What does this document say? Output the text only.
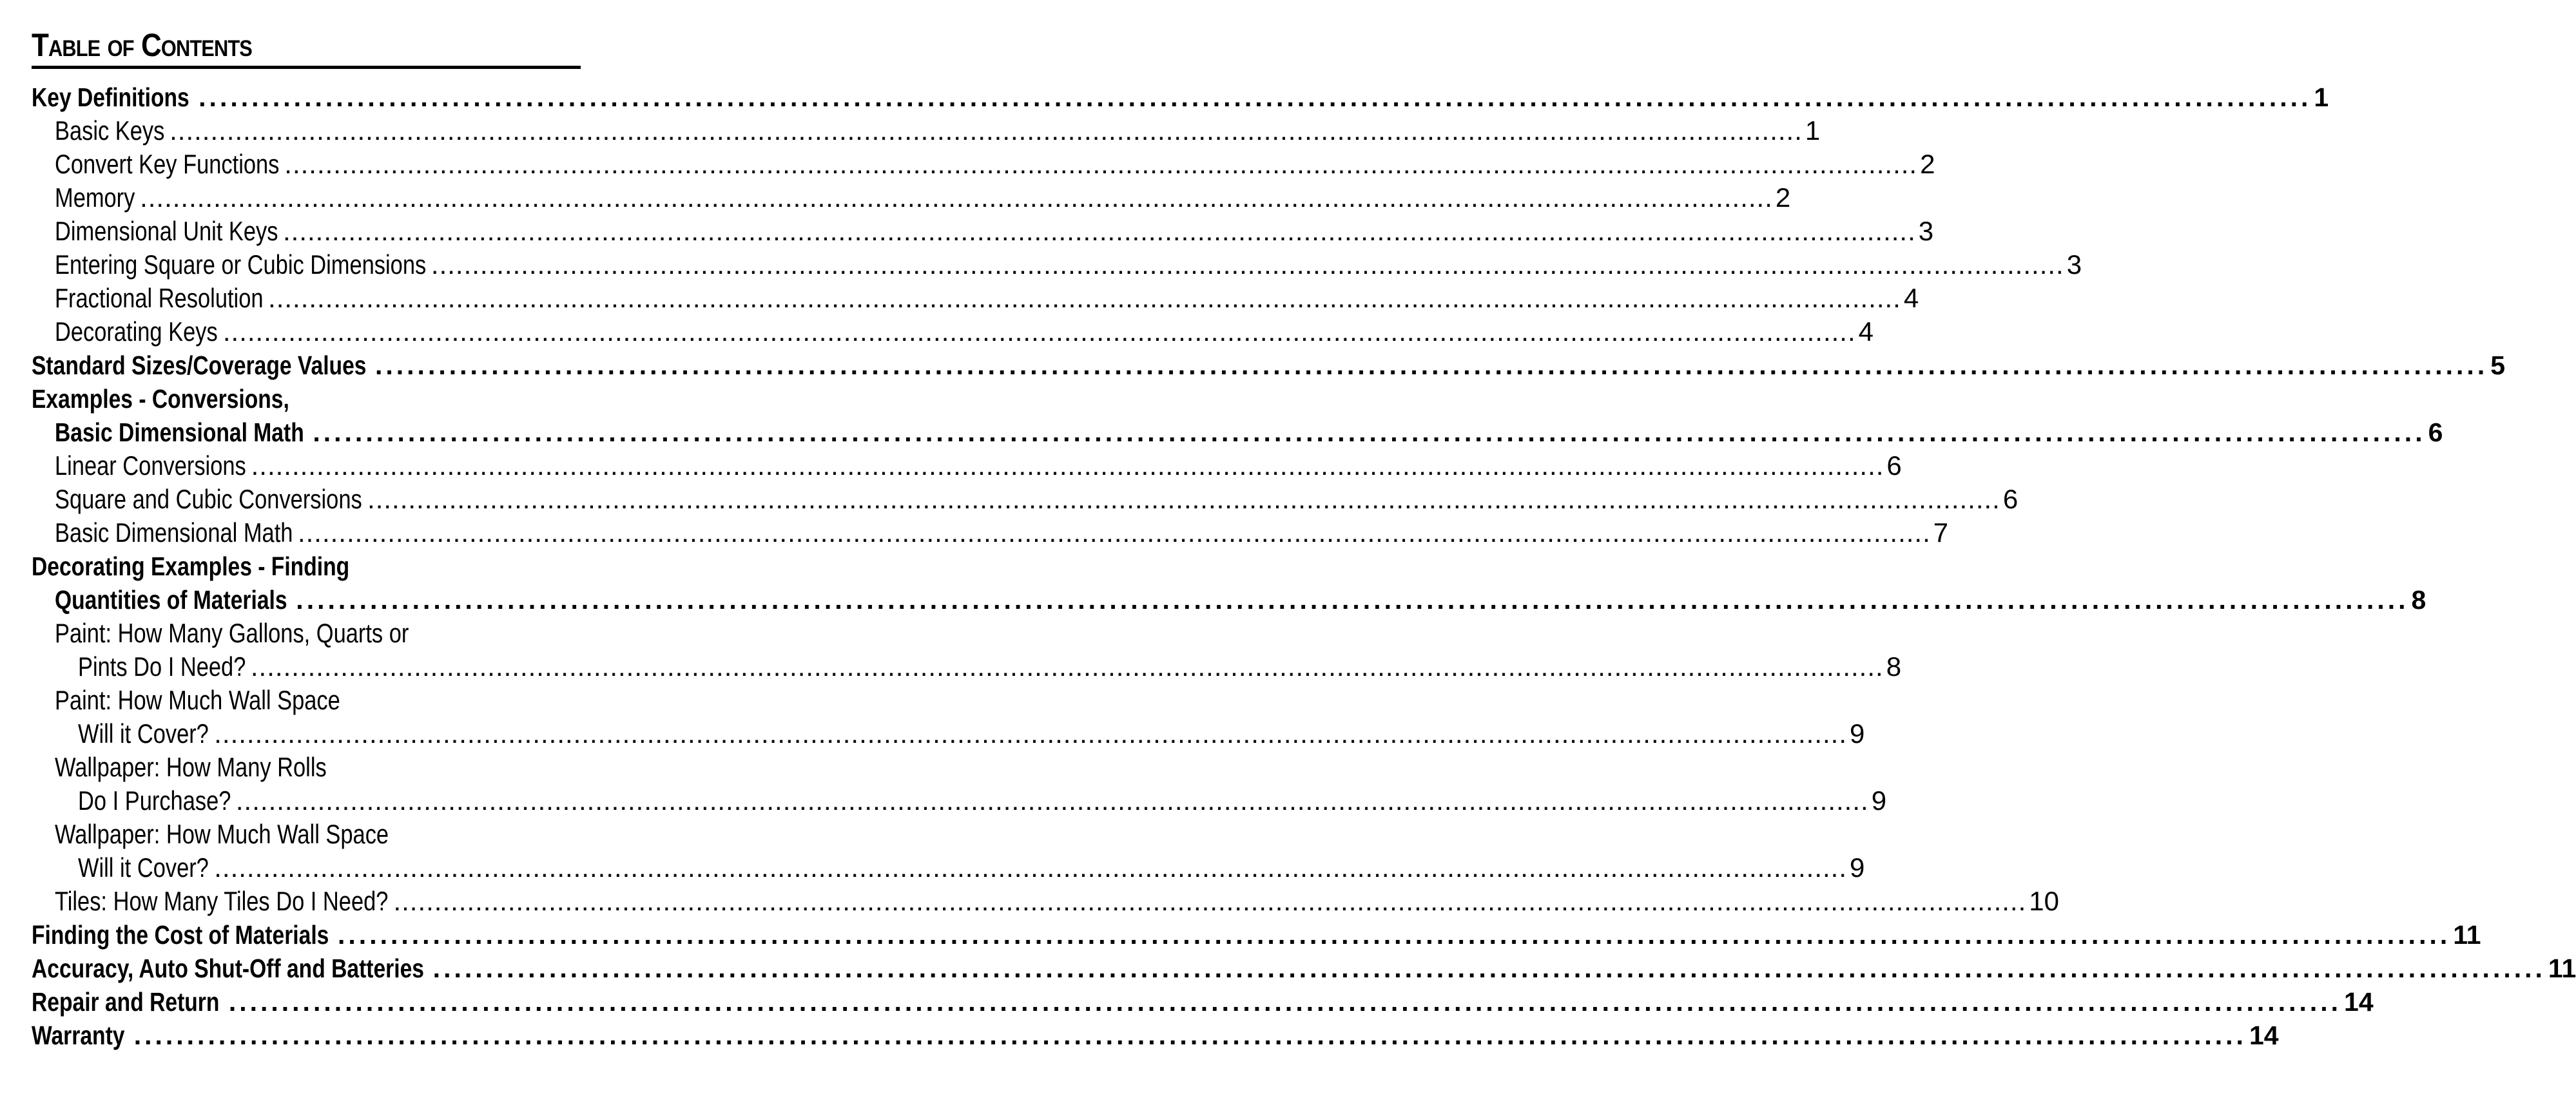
Table of Contents
Key Definitions ........................................................................................................................................................................................................ 1
Basic Keys ........................................................................................................................................................................................................ 1
Convert Key Functions ........................................................................................................................................................................................................ 2
Memory ........................................................................................................................................................................................................ 2
Dimensional Unit Keys ........................................................................................................................................................................................................ 3
Entering Square or Cubic Dimensions ........................................................................................................................................................................................................ 3
Fractional Resolution ........................................................................................................................................................................................................ 4
Decorating Keys ........................................................................................................................................................................................................ 4
Standard Sizes/Coverage Values ........................................................................................................................................................................................................ 5
Examples - Conversions,
Basic Dimensional Math ........................................................................................................................................................................................................ 6
Linear Conversions ........................................................................................................................................................................................................ 6
Square and Cubic Conversions ........................................................................................................................................................................................................ 6
Basic Dimensional Math ........................................................................................................................................................................................................ 7
Decorating Examples - Finding
Quantities of Materials ........................................................................................................................................................................................................ 8
Paint: How Many Gallons, Quarts or
Pints Do I Need? ........................................................................................................................................................................................................ 8
Paint: How Much Wall Space
Will it Cover? ........................................................................................................................................................................................................ 9
Wallpaper: How Many Rolls
Do I Purchase? ........................................................................................................................................................................................................ 9
Wallpaper: How Much Wall Space
Will it Cover? ........................................................................................................................................................................................................ 9
Tiles: How Many Tiles Do I Need? ........................................................................................................................................................................................................ 10
Finding the Cost of Materials ........................................................................................................................................................................................................ 11
Accuracy, Auto Shut-Off and Batteries ........................................................................................................................................................................................................ 11
Repair and Return ........................................................................................................................................................................................................ 14
Warranty ........................................................................................................................................................................................................ 14
